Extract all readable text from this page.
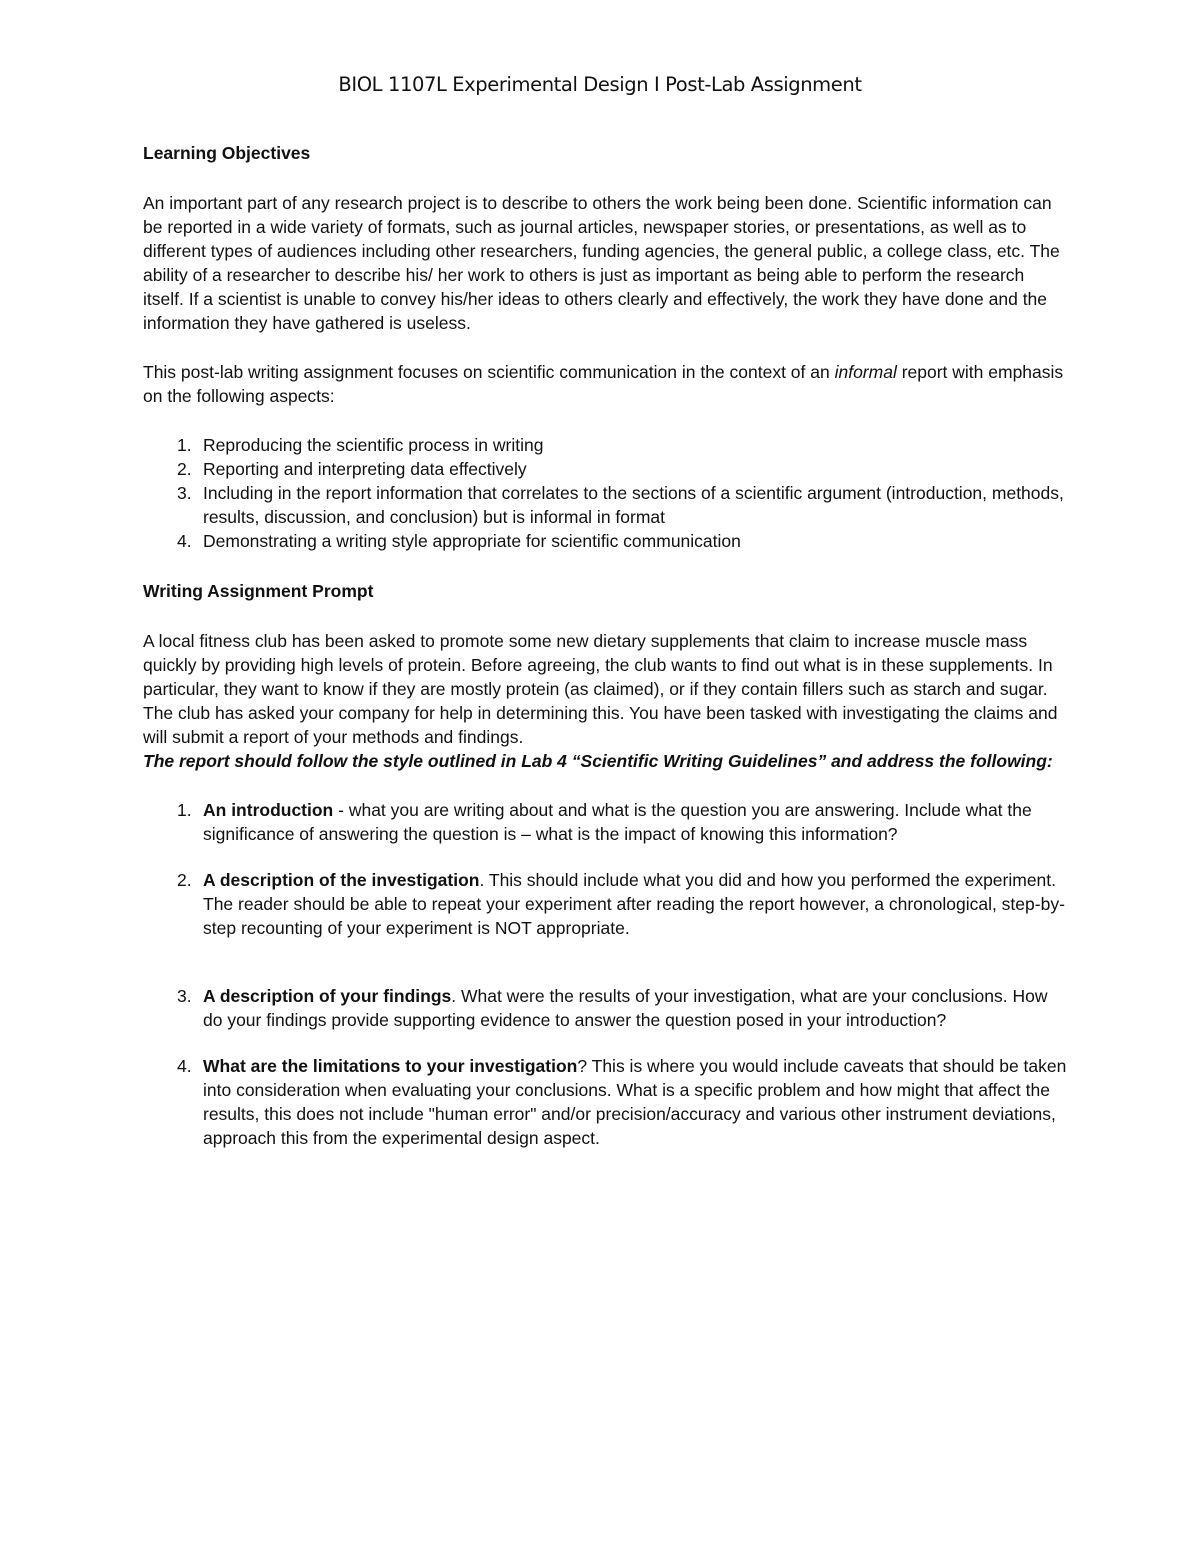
BIOL 1107L Experimental Design I Post-Lab Assignment
Learning Objectives

An important part of any research project is to describe to others the work being been done. Scientific information can be reported in a wide variety of formats, such as journal articles, newspaper stories, or presentations, as well as to different types of audiences including other researchers, funding agencies, the general public, a college class, etc. The ability of a researcher to describe his/ her work to others is just as important as being able to perform the research itself. If a scientist is unable to convey his/her ideas to others clearly and effectively, the work they have done and the information they have gathered is useless.

This post-lab writing assignment focuses on scientific communication in the context of an informal report with emphasis on the following aspects:

1. Reproducing the scientific process in writing
2. Reporting and interpreting data effectively
3. Including in the report information that correlates to the sections of a scientific argument (introduction, methods, results, discussion, and conclusion) but is informal in format
4. Demonstrating a writing style appropriate for scientific communication
Writing Assignment Prompt

A local fitness club has been asked to promote some new dietary supplements that claim to increase muscle mass quickly by providing high levels of protein. Before agreeing, the club wants to find out what is in these supplements. In particular, they want to know if they are mostly protein (as claimed), or if they contain fillers such as starch and sugar. The club has asked your company for help in determining this. You have been tasked with investigating the claims and will submit a report of your methods and findings.

The report should follow the style outlined in Lab 4 “Scientific Writing Guidelines” and address the following:

1. An introduction - what you are writing about and what is the question you are answering. Include what the significance of answering the question is – what is the impact of knowing this information?
2. A description of the investigation. This should include what you did and how you performed the experiment. The reader should be able to repeat your experiment after reading the report however, a chronological, step-by-step recounting of your experiment is NOT appropriate.
3. A description of your findings. What were the results of your investigation, what are your conclusions. How do your findings provide supporting evidence to answer the question posed in your introduction?
4. What are the limitations to your investigation? This is where you would include caveats that should be taken into consideration when evaluating your conclusions. What is a specific problem and how might that affect the results, this does not include "human error" and/or precision/accuracy and various other instrument deviations, approach this from the experimental design aspect.
